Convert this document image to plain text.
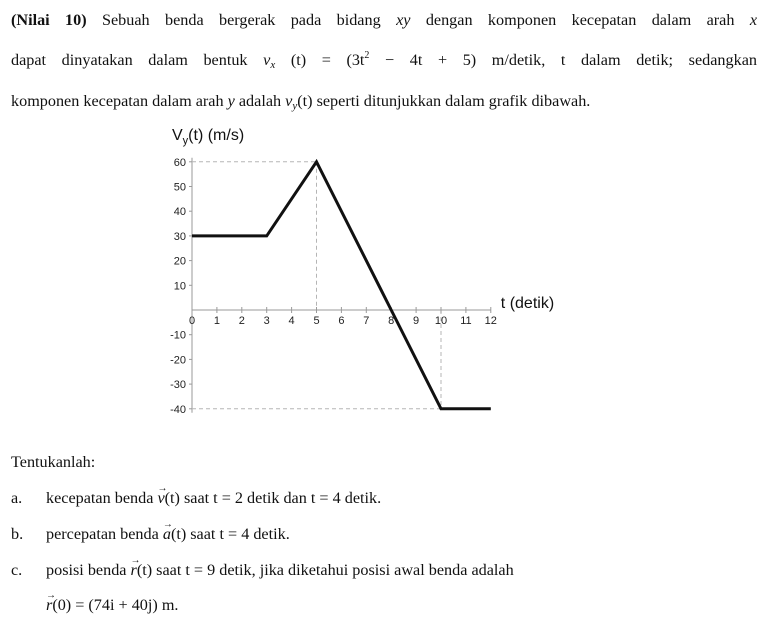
(Nilai 10) Sebuah benda bergerak pada bidang xy dengan komponen kecepatan dalam arah x
dapat dinyatakan dalam bentuk $v_x$ $(t) = (3t^2 - 4t + 5)$ m/detik, t dalam detik; sedangkan
komponen kecepatan dalam arah y adalah $v_y(t)$ seperti ditunjukkan dalam grafik dibawah.
60
50
40
30
20
10
-10
-20
-30
-40
0 1 2 3 4 5 6 7 8 9 10 11 12
$V_y(t)$ (m/s)
t (detik)
Tentukanlah:
a. kecepatan benda → v(t) saat t = 2 detik dan t = 4 detik.
b. percepatan benda → a(t) saat t = 4 detik.
c. posisi benda → r(t) saat t = 9 detik, jika diketahui posisi awal benda adalah
→ r(0) = (74i + 40j) m.
